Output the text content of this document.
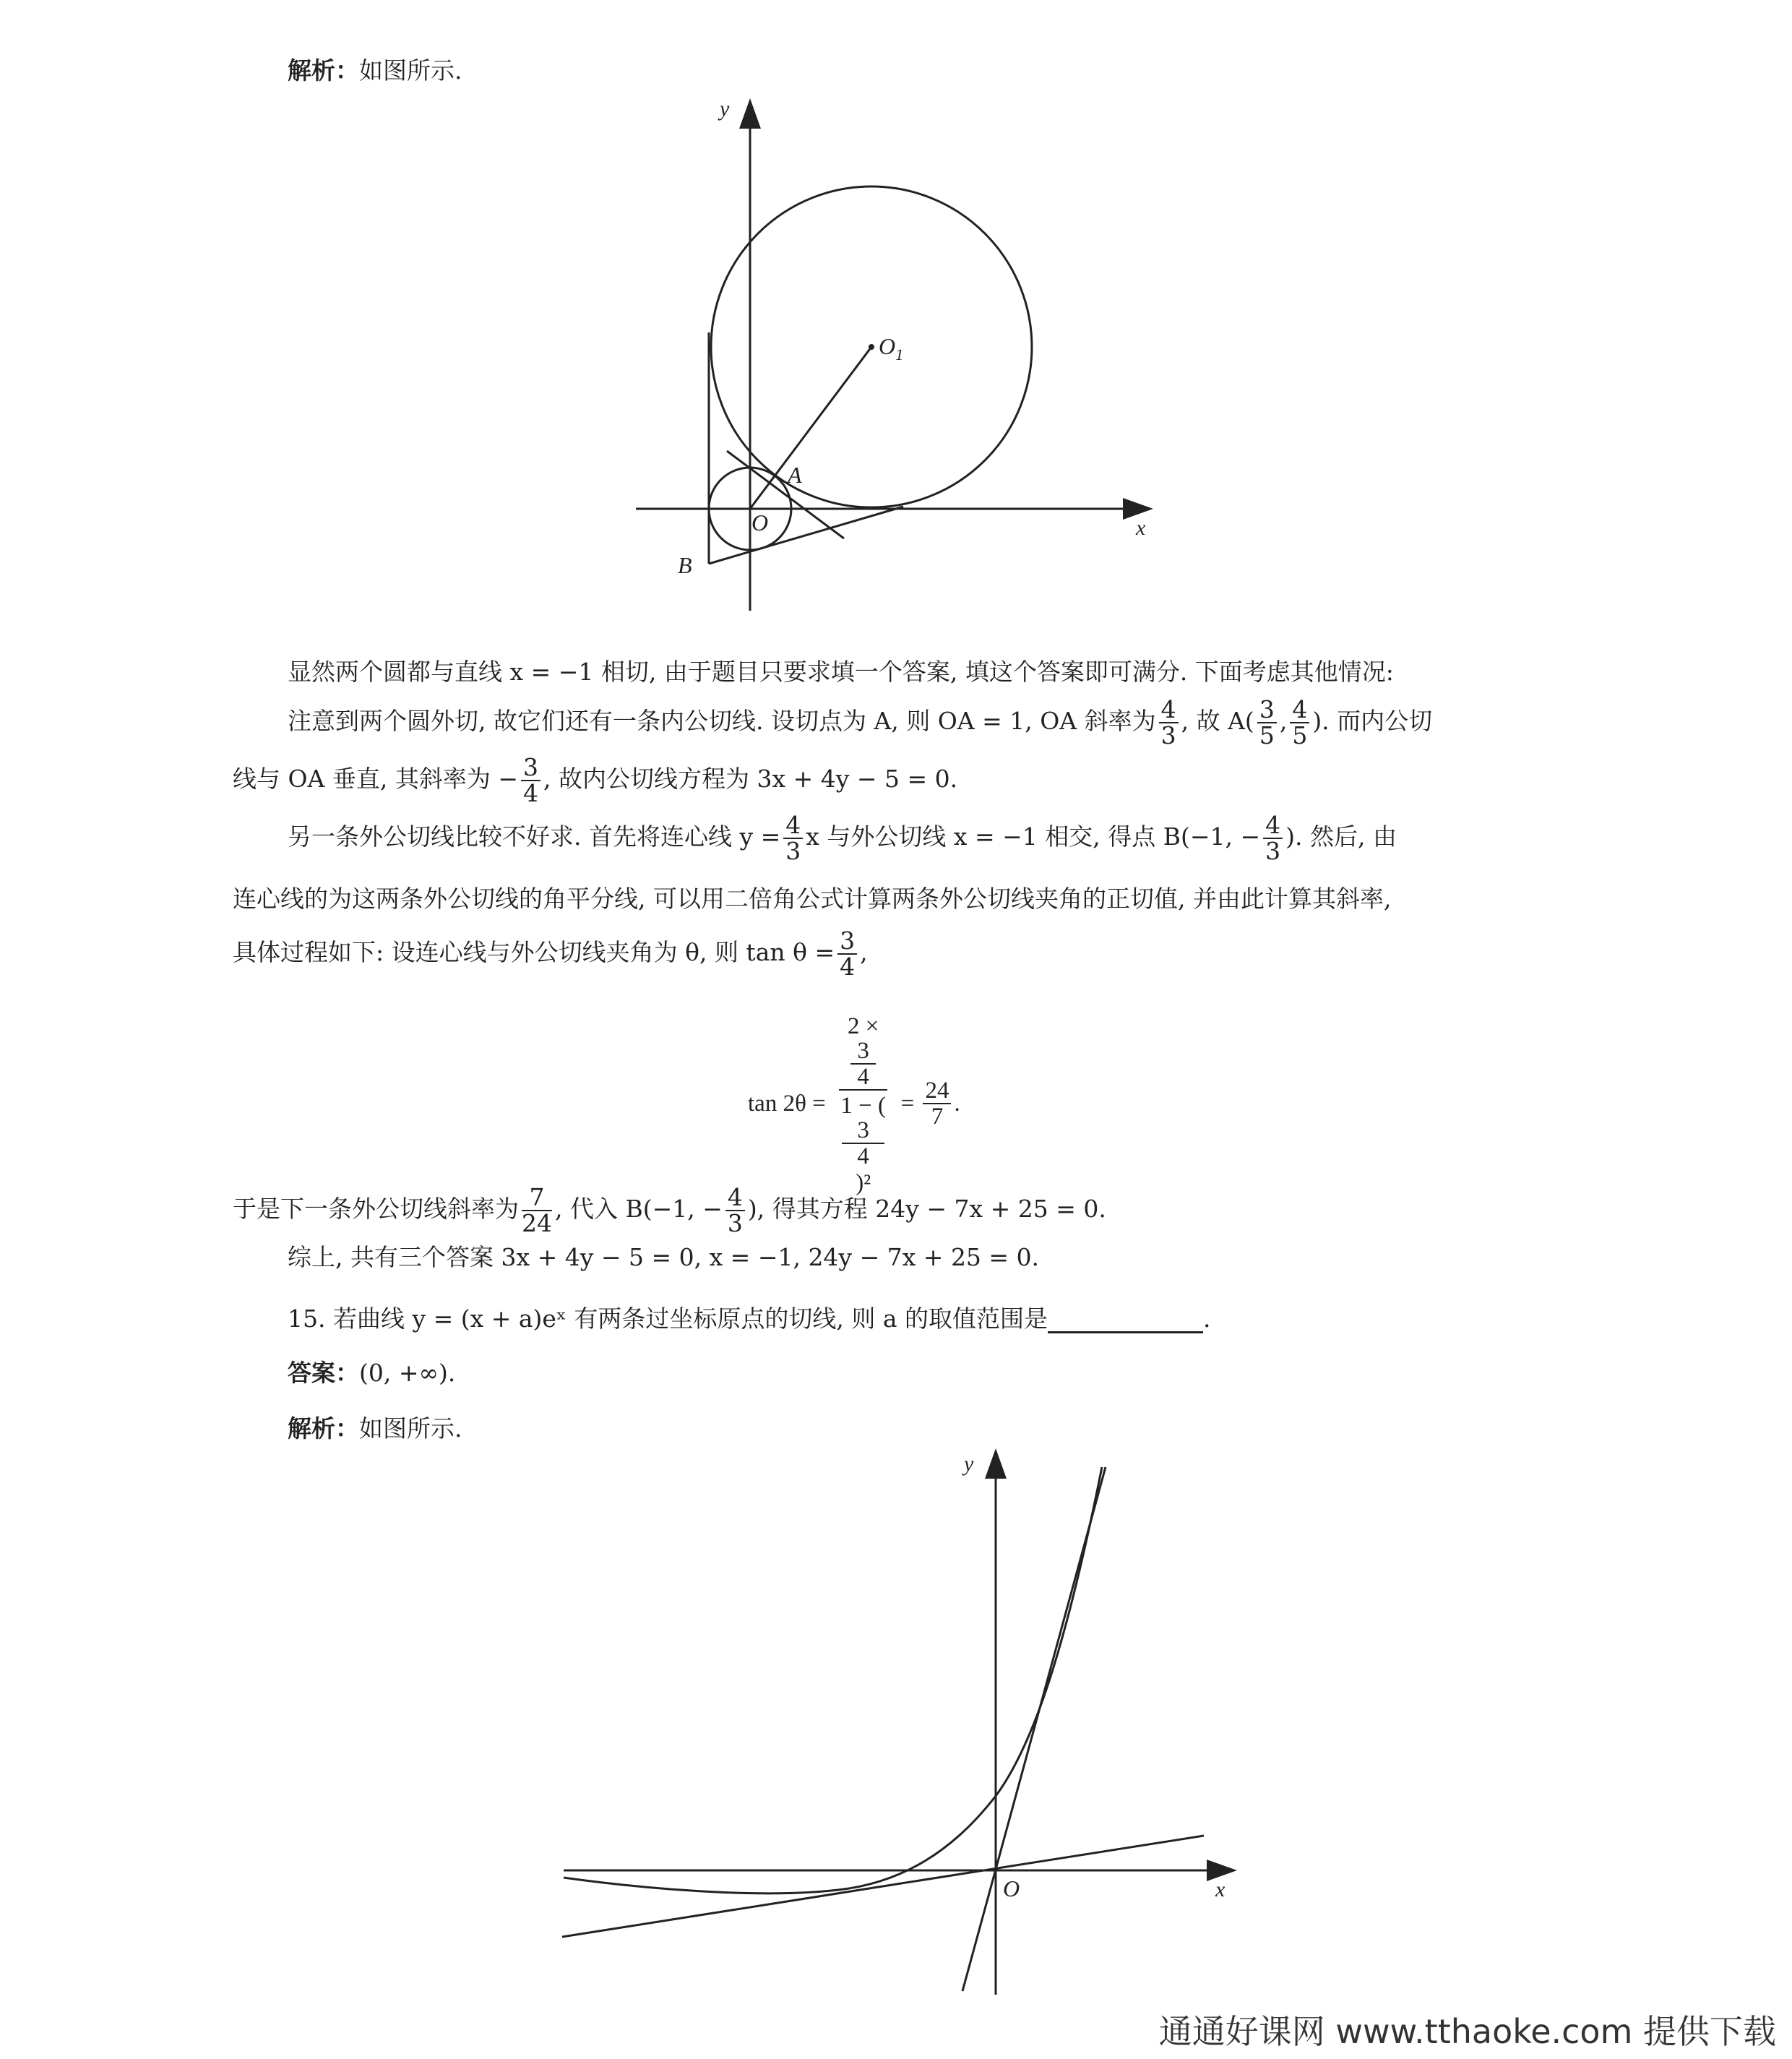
解析：如图所示.
$O_1$
A
O
B
x
y
显然两个圆都与直线 x = −1 相切, 由于题目只要求填一个答案, 填这个答案即可满分. 下面考虑其他情况:
注意到两个圆外切, 故它们还有一条内公切线. 设切点为 A, 则 OA = 1, OA 斜率为 $\frac{4}{3}$ , 故 $A( \frac{3}{5}$ , $\frac{4}{5}$ ). 而内公切
线与 OA 垂直, 其斜率为 − $\frac{3}{4}$ , 故内公切线方程为 3x + 4y − 5 = 0.
另一条外公切线比较不好求. 首先将连心线 $y = \frac{4}{3}$ x 与外公切线 x = −1 相交, 得点 B(−1, − $\frac{4}{3}$ ). 然后, 由
连心线的为这两条外公切线的角平分线, 可以用二倍角公式计算两条外公切线夹角的正切值, 并由此计算其斜率,
具体过程如下: 设连心线与外公切线夹角为 θ, 则 $\tan \theta = \frac{3}{4}$ ,
tan 2θ = 2 ×
3
4
1 − (
3
4
)$^2 = \frac{24}{7}$ .
于是下一条外公切线斜率为 $\frac{7}{24}$ , 代入 B(−1, − $\frac{4}{3}$ ), 得其方程 24y − 7x + 25 = 0.
综上, 共有三个答案 3x + 4y − 5 = 0, x = −1, 24y − 7x + 25 = 0.
15. 若曲线 y = (x + a)eˣ 有两条过坐标原点的切线, 则 a 的取值范围是	.
答案：(0, +∞).
解析：如图所示.
O	x
y
通通好课网 www.tthaoke.com 提供下载
